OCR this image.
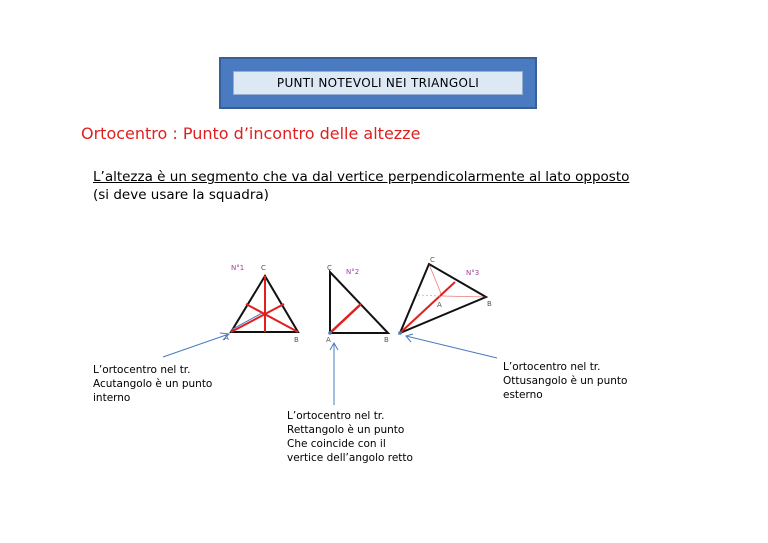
PUNTI NOTEVOLI NEI TRIANGOLI
Ortocentro : Punto d’incontro delle altezze
L’altezza è un segmento che va dal vertice perpendicolarmente al lato opposto
(si deve usare la squadra)
N°1
A	B
C	N°2
A	B
C
N°3
A	B
C
L’ortocentro nel tr.
Acutangolo è un punto
interno
L’ortocentro nel tr.
Rettangolo è un punto
Che coincide con il
vertice dell’angolo retto
L’ortocentro nel tr.
Ottusangolo è un punto
esterno
